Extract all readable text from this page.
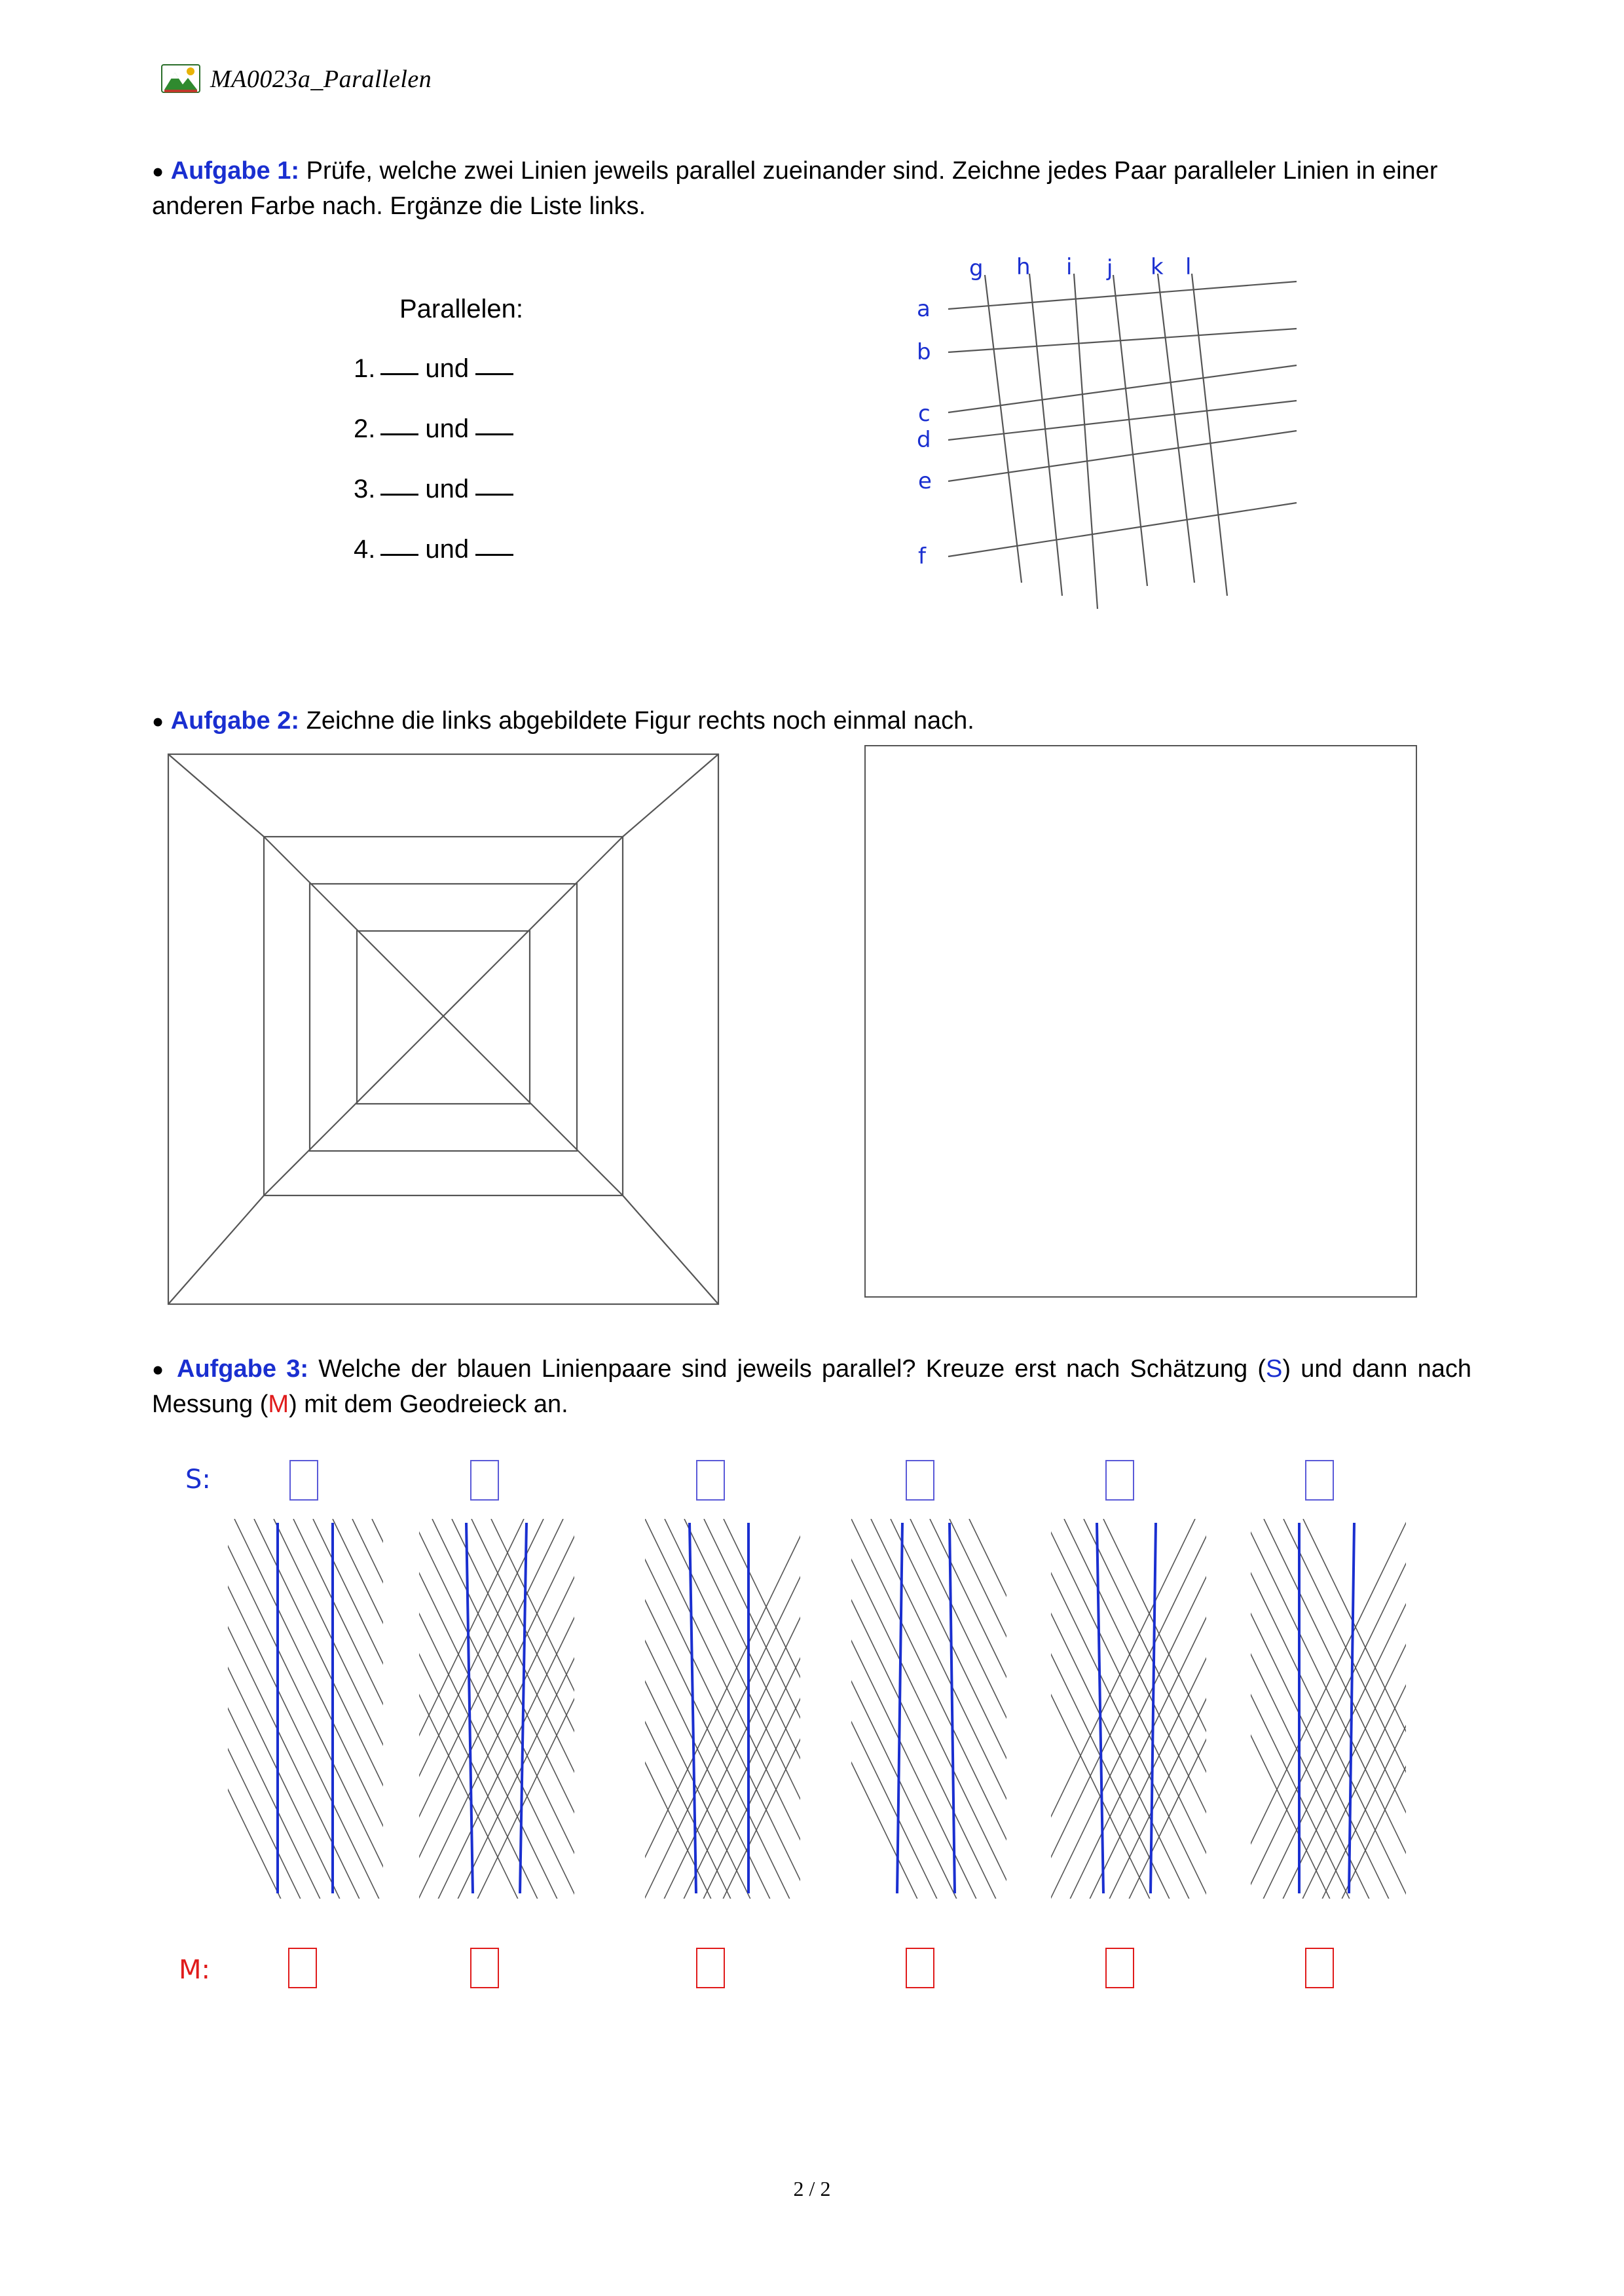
MA0023a_Parallelen
● Aufgabe 1: Prüfe, welche zwei Linien jeweils parallel zueinander sind. Zeichne jedes Paar paralleler Linien in einer anderen Farbe nach. Ergänze die Liste links.
Parallelen:
1. und
2. und
3. und
4. und
g h i j k l
a
b
c
d
e
f
● Aufgabe 2: Zeichne die links abgebildete Figur rechts noch einmal nach.
● Aufgabe 3: Welche der blauen Linienpaare sind jeweils parallel? Kreuze erst nach Schätzung (S) und dann nach Messung (M) mit dem Geodreieck an.
S:
M:
2 / 2
